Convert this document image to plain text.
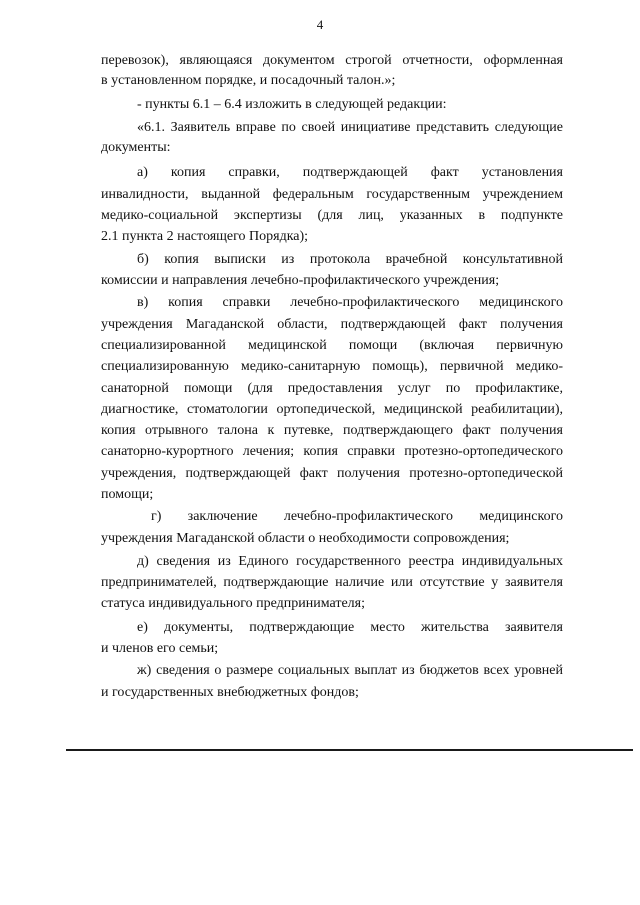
4
перевозок), являющаяся документом строгой отчетности, оформленная
в установленном порядке, и посадочный талон.»;
- пункты 6.1 – 6.4 изложить в следующей редакции:
«6.1. Заявитель вправе по своей инициативе представить следующие
документы:
а) копия справки, подтверждающей факт установления
инвалидности, выданной федеральным государственным учреждением
медико-социальной экспертизы (для лиц, указанных в подпункте
2.1 пункта 2 настоящего Порядка);
б) копия выписки из протокола врачебной консультативной
комиссии и направления лечебно-профилактического учреждения;
в) копия справки лечебно-профилактического медицинского
учреждения Магаданской области, подтверждающей факт получения
специализированной медицинской помощи (включая первичную
специализированную медико-санитарную помощь), первичной медико-
санаторной помощи (для предоставления услуг по профилактике,
диагностике, стоматологии ортопедической, медицинской реабилитации),
копия отрывного талона к путевке, подтверждающего факт получения
санаторно-курортного лечения; копия справки протезно-ортопедического
учреждения, подтверждающей факт получения протезно-ортопедической
помощи;
г) заключение лечебно-профилактического медицинского
учреждения Магаданской области о необходимости сопровождения;
д) сведения из Единого государственного реестра индивидуальных
предпринимателей, подтверждающие наличие или отсутствие у заявителя
статуса индивидуального предпринимателя;
е) документы, подтверждающие место жительства заявителя
и членов его семьи;
ж) сведения о размере социальных выплат из бюджетов всех уровней
и государственных внебюджетных фондов;
